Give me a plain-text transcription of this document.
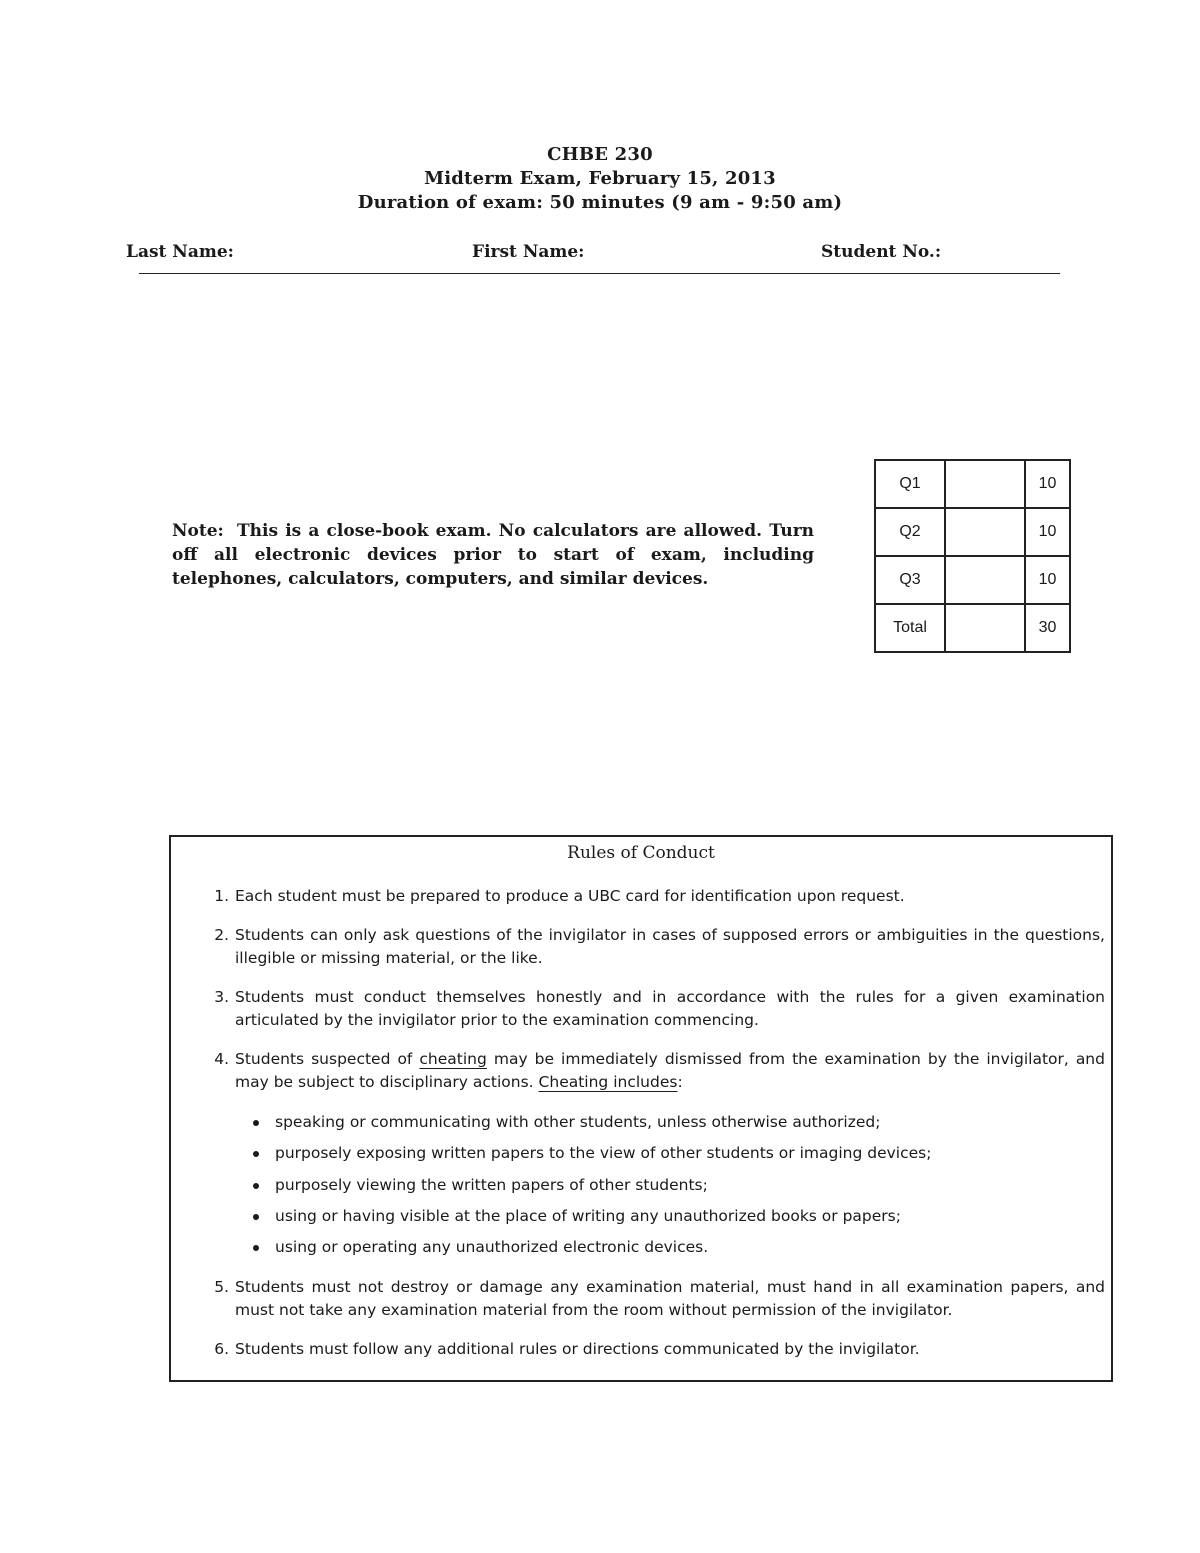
CHBE 230
Midterm Exam, February 15, 2013
Duration of exam: 50 minutes (9 am - 9:50 am)
Last Name:	First Name:	Student No.:
Note: This is a close-book exam. No calculators are allowed. Turn off all electronic devices prior to start of exam, including telephones, calculators, computers, and similar devices.
Q1		10
Q2		10
Q3		10
Total		30
Rules of Conduct
1. Each student must be prepared to produce a UBC card for identification upon request.
2. Students can only ask questions of the invigilator in cases of supposed errors or ambiguities in the questions, illegible or missing material, or the like.
3. Students must conduct themselves honestly and in accordance with the rules for a given examination articulated by the invigilator prior to the examination commencing.
4. Students suspected of cheating may be immediately dismissed from the examination by the invigilator, and may be subject to disciplinary actions. Cheating includes:
speaking or communicating with other students, unless otherwise authorized;
purposely exposing written papers to the view of other students or imaging devices;
purposely viewing the written papers of other students;
using or having visible at the place of writing any unauthorized books or papers;
using or operating any unauthorized electronic devices.
5. Students must not destroy or damage any examination material, must hand in all examination papers, and must not take any examination material from the room without permission of the invigilator.
6. Students must follow any additional rules or directions communicated by the invigilator.
